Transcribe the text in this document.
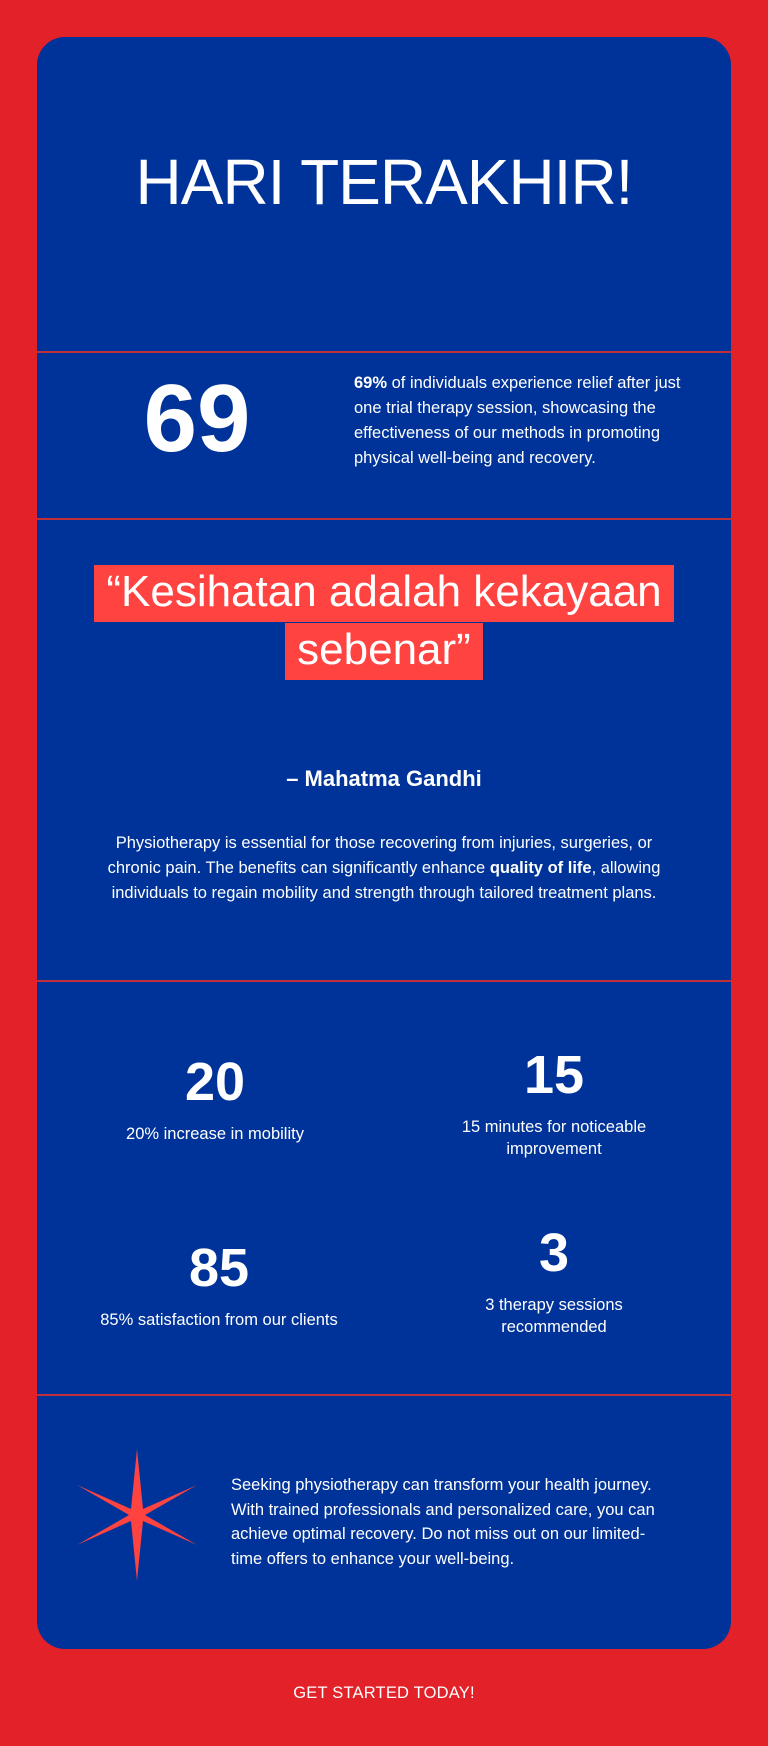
HARI TERAKHIR!
69	69% of individuals experience relief after just one trial therapy session, showcasing the effectiveness of our methods in promoting physical well-being and recovery.
“Kesihatan adalah kekayaan
sebenar”
– Mahatma Gandhi
Physiotherapy is essential for those recovering from injuries, surgeries, or chronic pain. The benefits can significantly enhance quality of life, allowing individuals to regain mobility and strength through tailored treatment plans.
20
20% increase in mobility
15
15 minutes for noticeable improvement
85
85% satisfaction from our clients
3
3 therapy sessions recommended
Seeking physiotherapy can transform your health journey. With trained professionals and personalized care, you can achieve optimal recovery. Do not miss out on our limited-time offers to enhance your well-being.
GET STARTED TODAY!
